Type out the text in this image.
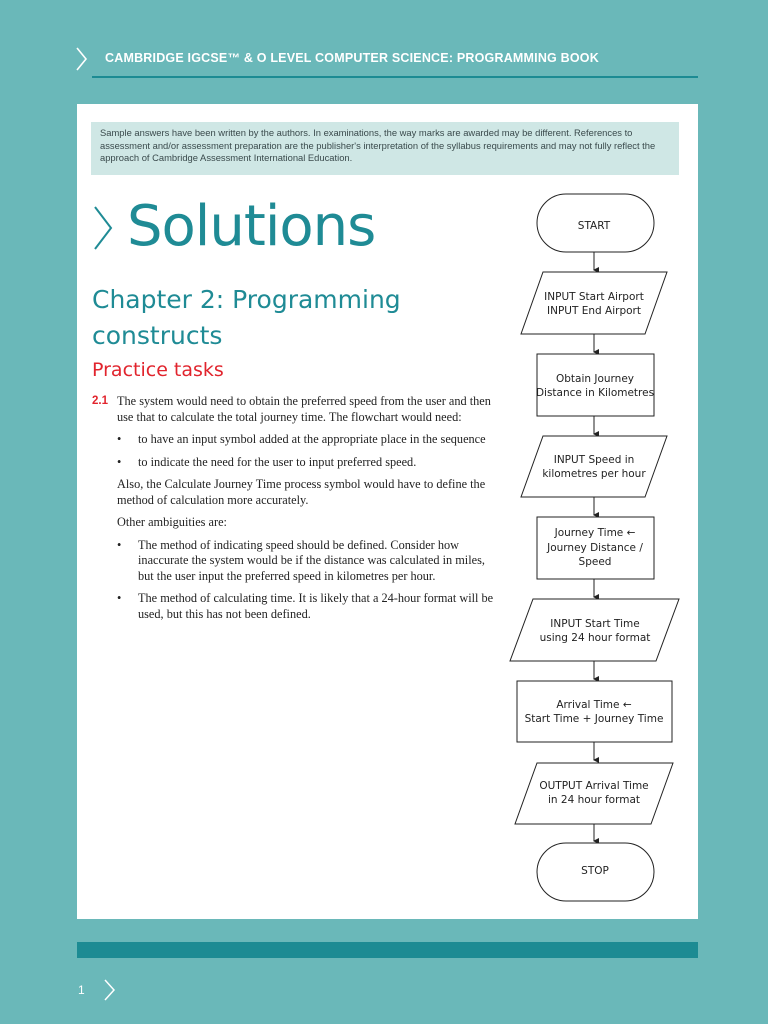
CAMBRIDGE IGCSE™ & O LEVEL COMPUTER SCIENCE: PROGRAMMING BOOK
Sample answers have been written by the authors. In examinations, the way marks are awarded may be different. References to assessment and/or assessment preparation are the publisher's interpretation of the syllabus requirements and may not fully reflect the approach of Cambridge Assessment International Education.
Solutions
Chapter 2: Programming constructs
Practice tasks
2.1 The system would need to obtain the preferred speed from the user and then use that to calculate the total journey time. The flowchart would need:

• to have an input symbol added at the appropriate place in the sequence
• to indicate the need for the user to input preferred speed.

Also, the Calculate Journey Time process symbol would have to define the method of calculation more accurately.

Other ambiguities are:

• The method of indicating speed should be defined. Consider how inaccurate the system would be if the distance was calculated in miles, but the user input the preferred speed in kilometres per hour.
• The method of calculating time. It is likely that a 24-hour format will be used, but this has not been defined.
START
INPUT Start Airport
INPUT End Airport
Obtain Journey
Distance in Kilometres
INPUT Speed in
kilometres per hour
Journey Time ←
Journey Distance /
Speed
INPUT Start Time
using 24 hour format
Arrival Time ←
Start Time + Journey Time
OUTPUT Arrival Time
in 24 hour format
STOP
1
